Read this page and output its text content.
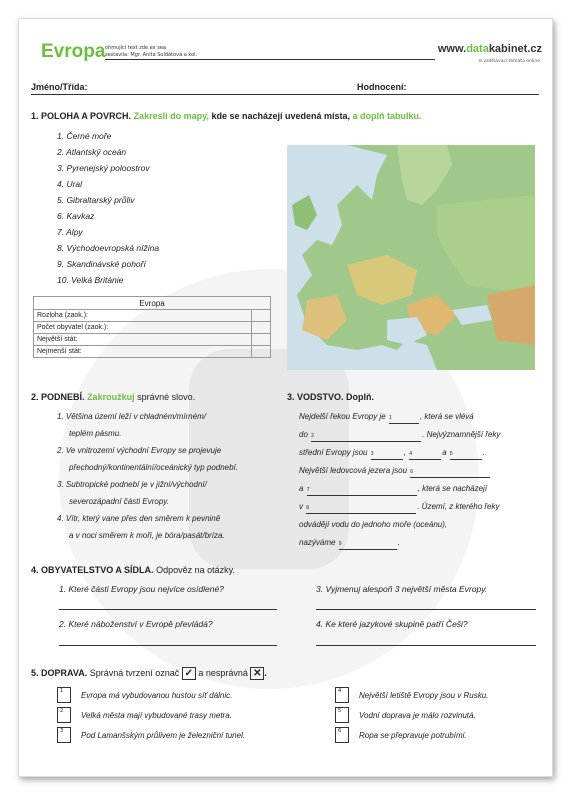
Evropa ohmující text zde ex sea
sestavila: Mgr. Anita Soldátová a kol.	www.datakabinet.cz
≡ vzdělávací témata online
Jméno/Třída:	Hodnocení:
1. POLOHA A POVRCH. Zakresli do mapy, kde se nacházejí uvedená místa, a doplň tabulku.
1. Černé moře
2. Atlantský oceán
3. Pyrenejský poloostrov
4. Ural
5. Gibraltarský průliv
6. Kavkaz
7. Alpy
8. Východoevropská nížina
9. Skandinávské pohoří
10. Velká Británie
Evropa	
Rozloha (zaok.):	
Počet obyvatel (zaok.):	
Největší stát:	
Nejmenší stát:	
2. PODNEBÍ. Zakroužkuj správné slovo.
1. Většina území leží v chladném/mírném/
teplém pásmu.
2. Ve vnitrozemí východní Evropy se projevuje
přechodný/kontinentální/oceánický typ podnebí.
3. Subtropické podnebí je v jižní/východní/
severozápadní části Evropy.
4. Vítr, který vane přes den směrem k pevnině
a v noci směrem k moři, je bóra/pasát/bríza.
3. VODSTVO. Doplň.
Nejdelší řekou Evropy je 1	, která se vlévá
do 2	. Nejvýznamnější řeky
střední Evropy jsou 3	, 4	a 5	.
Největší ledovcová jezera jsou 6
a 7	, která se nacházejí
v 8	. Území, z kterého řeky
odvádějí vodu do jednoho moře (oceánu),
nazýváme 9	.
4. OBYVATELSTVO A SÍDLA. Odpověz na otázky.
1. Které části Evropy jsou nejvíce osídlené?
2. Které náboženství v Evropě převládá?
3. Vyjmenuj alespoň 3 největší města Evropy.
4. Ke které jazykové skupině patří Češi?
5. DOPRAVA. Správná tvrzení označ ✓ a nesprávná ✕ .
1	Evropa má vybudovanou hustou síť dálnic.
2	Velká města mají vybudované trasy metra.
3	Pod Lamanšským průlivem je železniční tunel.
4	Největší letiště Evropy jsou v Rusku.
5	Vodní doprava je málo rozvinutá.
6	Ropa se přepravuje potrubími.
